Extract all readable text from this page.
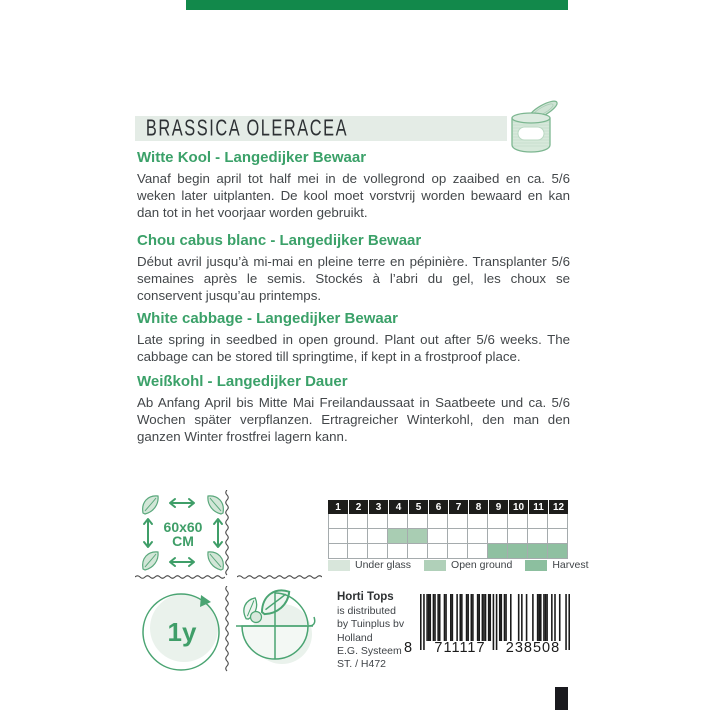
BRASSICA OLERACEA
Witte Kool - Langedijker Bewaar

Vanaf begin april tot half mei in de vollegrond op zaaibed en ca. 5/6 weken later uitplanten. De kool moet vorstvrij worden bewaard en kan dan tot in het voorjaar worden gebruikt.

Chou cabus blanc - Langedijker Bewaar

Début avril jusqu’à mi-mai en pleine terre en pépinière. Transplanter 5/6 semaines après le semis. Stockés à l’abri du gel, les choux se conservent jusqu’au printemps.

White cabbage - Langedijker Bewaar

Late spring in seedbed in open ground. Plant out after 5/6 weeks. The cabbage can be stored till springtime, if kept in a frostproof place.

Weißkohl - Langedijker Dauer

Ab Anfang April bis Mitte Mai Freilandaussaat in Saatbeete und ca. 5/6 Wochen später verpflanzen. Ertragreicher Winterkohl, den man den ganzen Winter frostfrei lagern kann.

60x60
CM
1y
1	2	3	4	5	6	7	8	9	10 11 12
Under glass	Open ground	Harvest
Horti Tops
is distributed
by Tuinplus bv
Holland
E.G. Systeem
ST. / H472
8	711117	238508
